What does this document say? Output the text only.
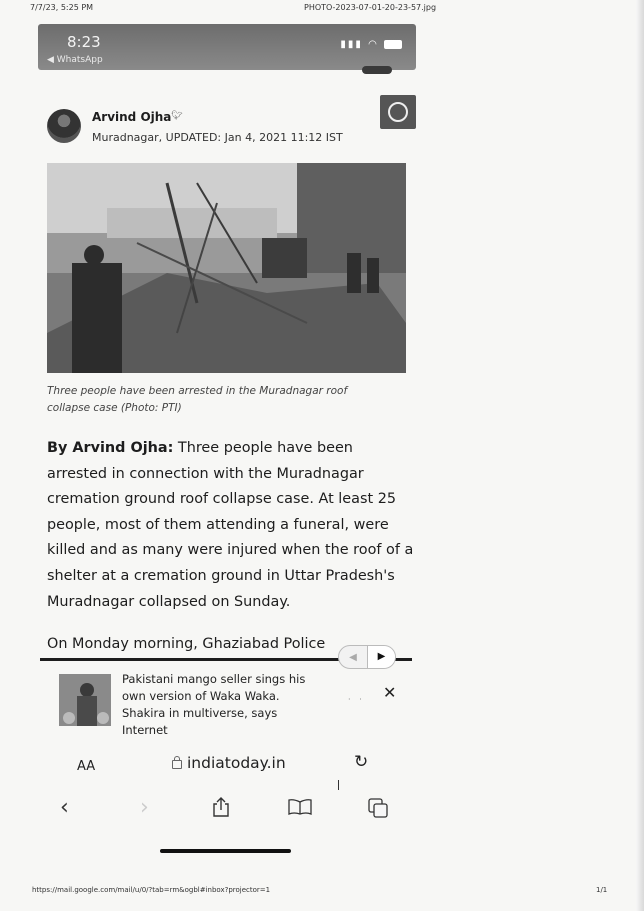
7/7/23, 5:25 PM	PHOTO-2023-07-01-20-23-57.jpg
8:23
◀ WhatsApp
▮▮▮ ◠
Arvind Ojha 🐦︎
Muradnagar, UPDATED: Jan 4, 2021 11:12 IST
Three people have been arrested in the Muradnagar roof collapse case (Photo: PTI)
By Arvind Ojha: Three people have been arrested in connection with the Muradnagar cremation ground roof collapse case. At least 25 people, most of them attending a funeral, were killed and as many were injured when the roof of a shelter at a cremation ground in Uttar Pradesh's Muradnagar collapsed on Sunday.
On Monday morning, Ghaziabad Police
◀	▶
Pakistani mango seller sings his own version of Waka Waka. Shakira in multiverse, says Internet
· · ✕
AA	indiatoday.in	↻
‹	›
https://mail.google.com/mail/u/0/?tab=rm&ogbl#inbox?projector=1	1/1
